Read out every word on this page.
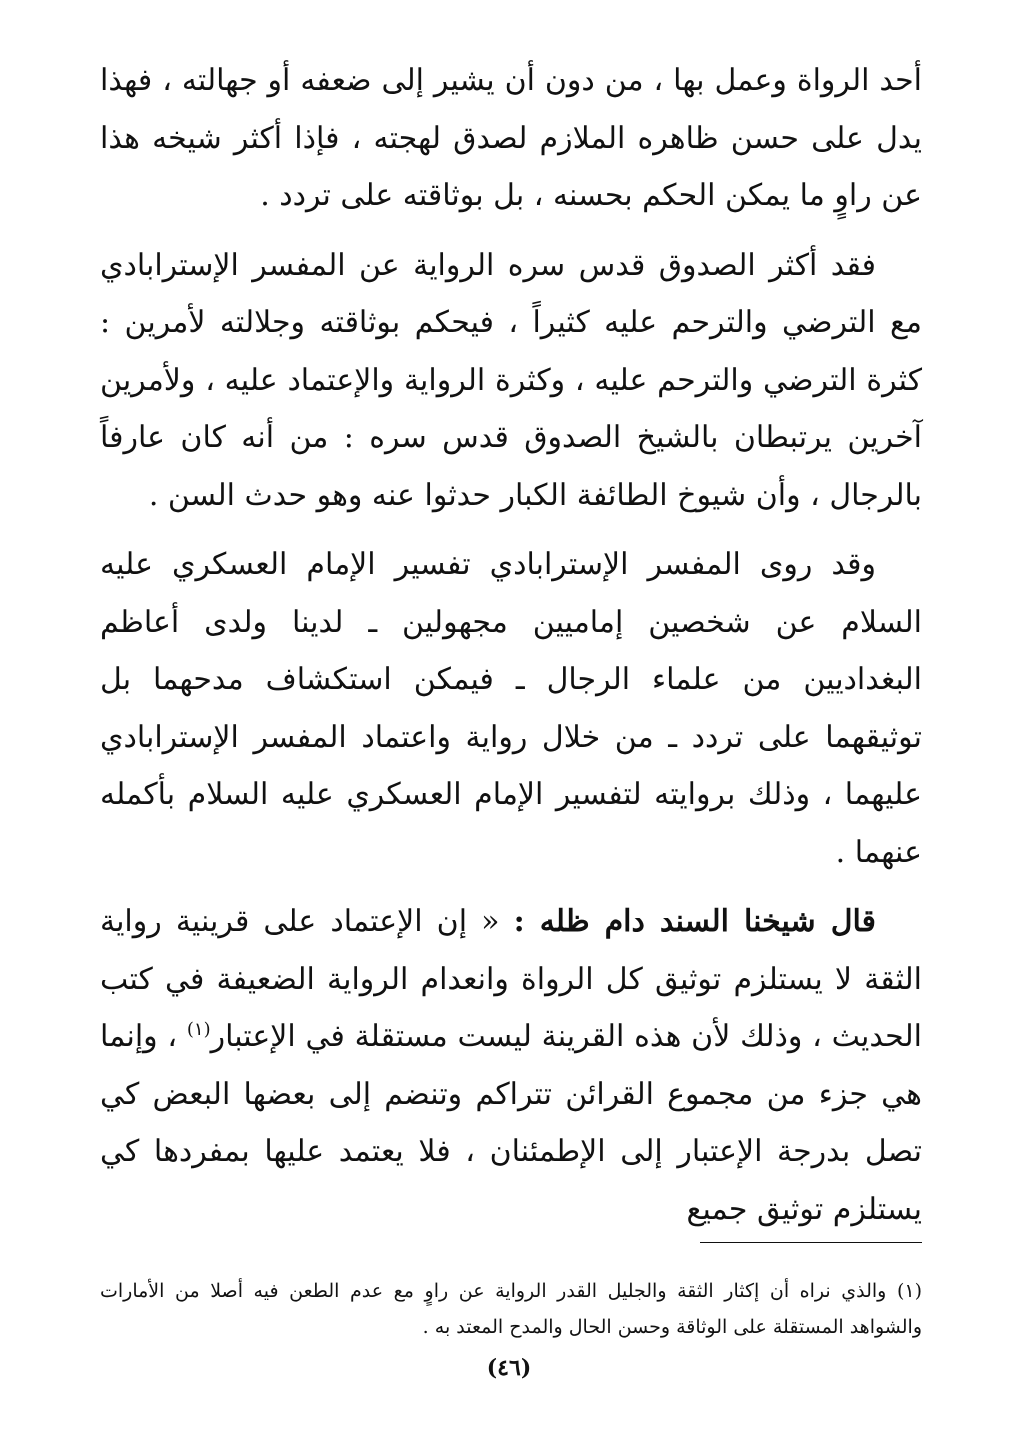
أحد الرواة وعمل بها ، من دون أن يشير إلى ضعفه أو جهالته ، فهذا يدل على حسن ظاهره الملازم لصدق لهجته ، فإذا أكثر شيخه هذا عن راوٍ ما يمكن الحكم بحسنه ، بل بوثاقته على تردد .

فقد أكثر الصدوق قدس سره الرواية عن المفسر الإسترابادي مع الترضي والترحم عليه كثيراً ، فيحكم بوثاقته وجلالته لأمرين : كثرة الترضي والترحم عليه ، وكثرة الرواية والإعتماد عليه ، ولأمرين آخرين يرتبطان بالشيخ الصدوق قدس سره : من أنه كان عارفاً بالرجال ، وأن شيوخ الطائفة الكبار حدثوا عنه وهو حدث السن .

وقد روى المفسر الإسترابادي تفسير الإمام العسكري عليه السلام عن شخصين إماميين مجهولين ـ لدينا ولدى أعاظم البغداديين من علماء الرجال ـ فيمكن استكشاف مدحهما بل توثيقهما على تردد ـ من خلال رواية واعتماد المفسر الإسترابادي عليهما ، وذلك بروايته لتفسير الإمام العسكري عليه السلام بأكمله عنهما .

قال شيخنا السند دام ظله : « إن الإعتماد على قرينية رواية الثقة لا يستلزم توثيق كل الرواة وانعدام الرواية الضعيفة في كتب الحديث ، وذلك لأن هذه القرينة ليست مستقلة في الإعتبار$^{(١)}$ ، وإنما هي جزء من مجموع القرائن تتراكم وتنضم إلى بعضها البعض كي تصل بدرجة الإعتبار إلى الإطمئنان ، فلا يعتمد عليها بمفردها كي يستلزم توثيق جميع

(١) والذي نراه أن إكثار الثقة والجليل القدر الرواية عن راوٍ مع عدم الطعن فيه أصلا من الأمارات والشواهد المستقلة على الوثاقة وحسن الحال والمدح المعتد به .

(٤٦)
